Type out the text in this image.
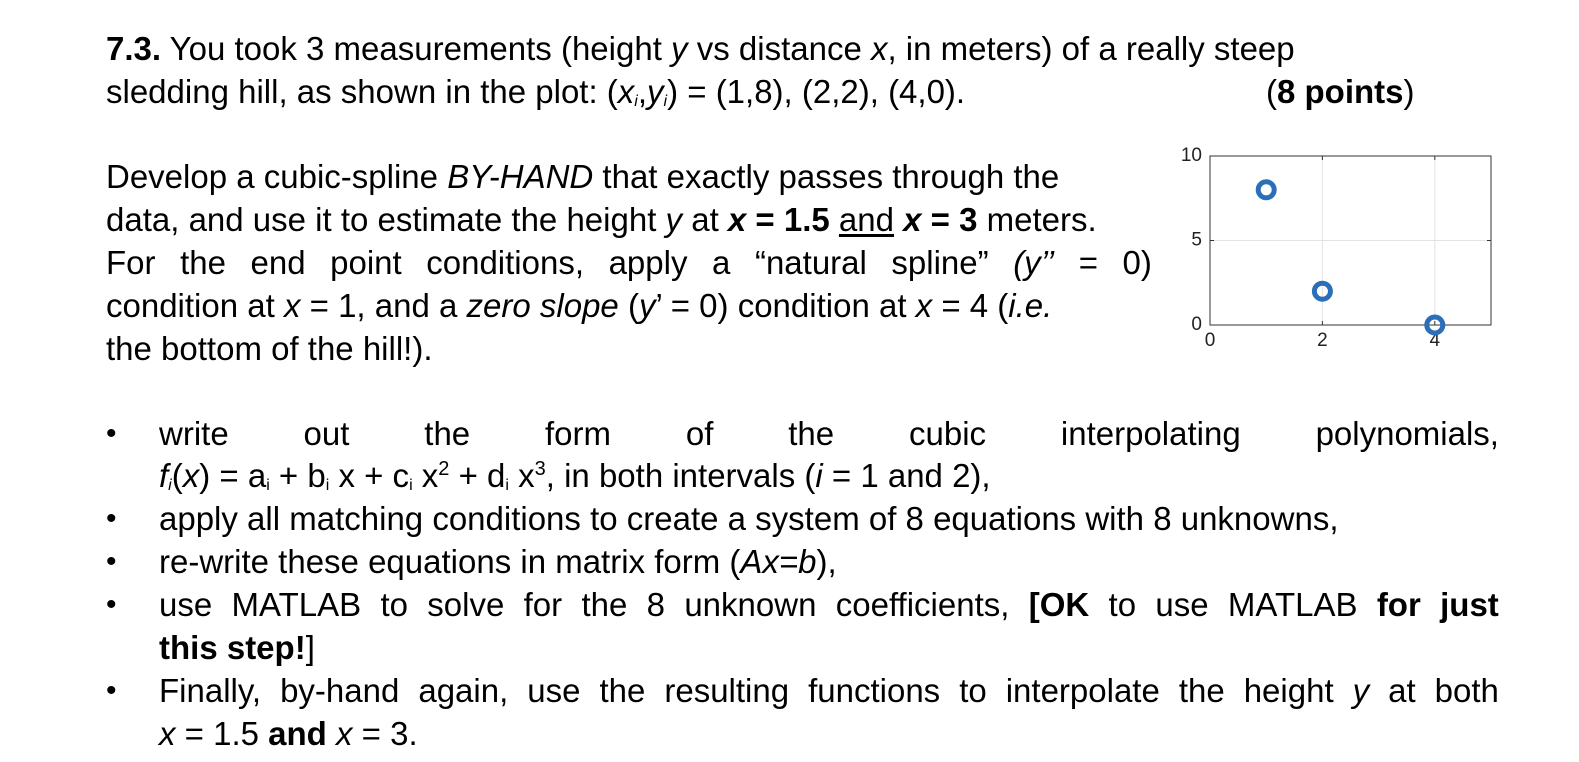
7.3. You took 3 measurements (height y vs distance x, in meters) of a really steep
sledding hill, as shown in the plot: (xi,yi) = (1,8), (2,2), (4,0).	(8 points)
Develop a cubic-spline BY-HAND that exactly passes through the
data, and use it to estimate the height y at x = 1.5 and x = 3 meters.
For the end point conditions, apply a “natural spline” (y’’ = 0)
condition at x = 1, and a zero slope (y’ = 0) condition at x = 4 (i.e.
the bottom of the hill!).	0	2	4
0
5
10
• write out the form of the cubic interpolating polynomials,
fi(x) = ai + bi x + ci $x^2$ + di $x^3$, in both intervals (i = 1 and 2),
• apply all matching conditions to create a system of 8 equations with 8 unknowns,
• re-write these equations in matrix form (Ax=b),
• use MATLAB to solve for the 8 unknown coefficients, [OK to use MATLAB for just
this step!]
• Finally, by-hand again, use the resulting functions to interpolate the height y at both
x = 1.5 and x = 3.
